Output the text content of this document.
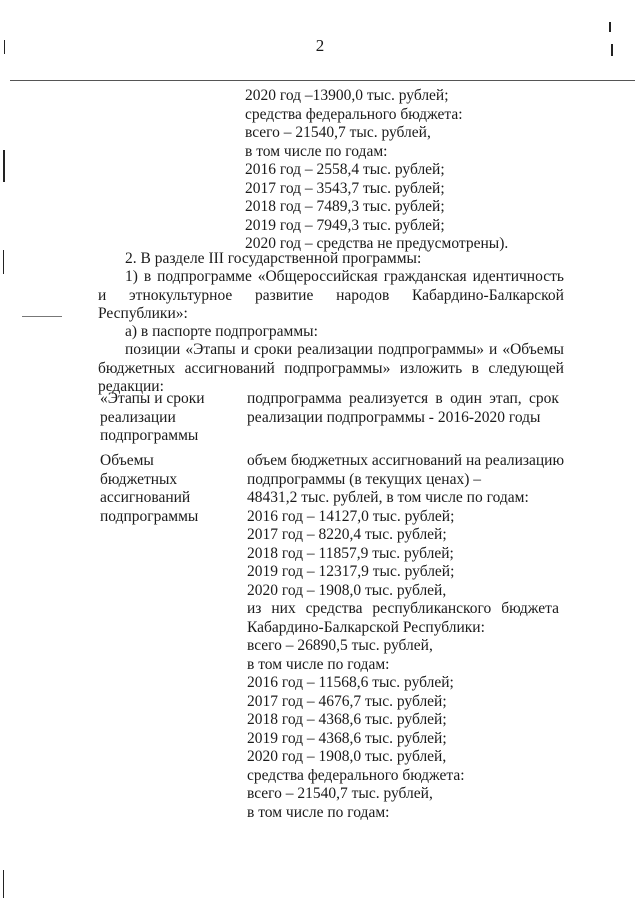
2
2020 год –13900,0 тыс. рублей;
средства федерального бюджета:
всего – 21540,7 тыс. рублей,
в том числе по годам:
2016 год – 2558,4 тыс. рублей;
2017 год – 3543,7 тыс. рублей;
2018 год – 7489,3 тыс. рублей;
2019 год – 7949,3 тыс. рублей;
2020 год – средства не предусмотрены).
2. В разделе III государственной программы:
1) в подпрограмме «Общероссийская гражданская идентичность
и этнокультурное развитие народов Кабардино-Балкарской
Республики»:
а) в паспорте подпрограммы:
позиции «Этапы и сроки реализации подпрограммы» и «Объемы
бюджетных ассигнований подпрограммы» изложить в следующей
редакции:
«Этапы и сроки
реализации
подпрограммы
подпрограмма реализуется в один этап, срок
реализации подпрограммы - 2016-2020 годы
Объемы
бюджетных
ассигнований
подпрограммы
объем бюджетных ассигнований на реализацию
подпрограммы (в текущих ценах) –
48431,2 тыс. рублей, в том числе по годам:
2016 год – 14127,0 тыс. рублей;
2017 год – 8220,4 тыс. рублей;
2018 год – 11857,9 тыс. рублей;
2019 год – 12317,9 тыс. рублей;
2020 год – 1908,0 тыс. рублей,
из них средства республиканского бюджета
Кабардино-Балкарской Республики:
всего – 26890,5 тыс. рублей,
в том числе по годам:
2016 год – 11568,6 тыс. рублей;
2017 год – 4676,7 тыс. рублей;
2018 год – 4368,6 тыс. рублей;
2019 год – 4368,6 тыс. рублей;
2020 год – 1908,0 тыс. рублей,
средства федерального бюджета:
всего – 21540,7 тыс. рублей,
в том числе по годам:
